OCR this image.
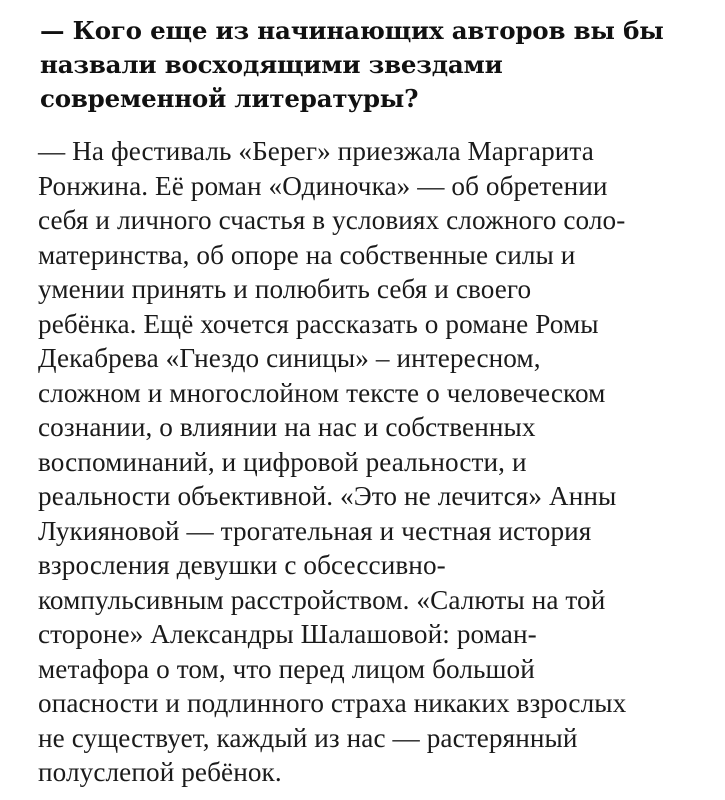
— Кого еще из начинающих авторов вы бы
назвали восходящими звездами
современной литературы?

— На фестиваль «Берег» приезжала Маргарита
Ронжина. Её роман «Одиночка» — об обретении
себя и личного счастья в условиях сложного соло-
материнства, об опоре на собственные силы и
умении принять и полюбить себя и своего
ребёнка. Ещё хочется рассказать о романе Ромы
Декабрева «Гнездо синицы» – интересном,
сложном и многослойном тексте о человеческом
сознании, о влиянии на нас и собственных
воспоминаний, и цифровой реальности, и
реальности объективной. «Это не лечится» Анны
Лукияновой — трогательная и честная история
взросления девушки с обсессивно-
компульсивным расстройством. «Салюты на той
стороне» Александры Шалашовой: роман-
метафора о том, что перед лицом большой
опасности и подлинного страха никаких взрослых
не существует, каждый из нас — растерянный
полуслепой ребёнок.
